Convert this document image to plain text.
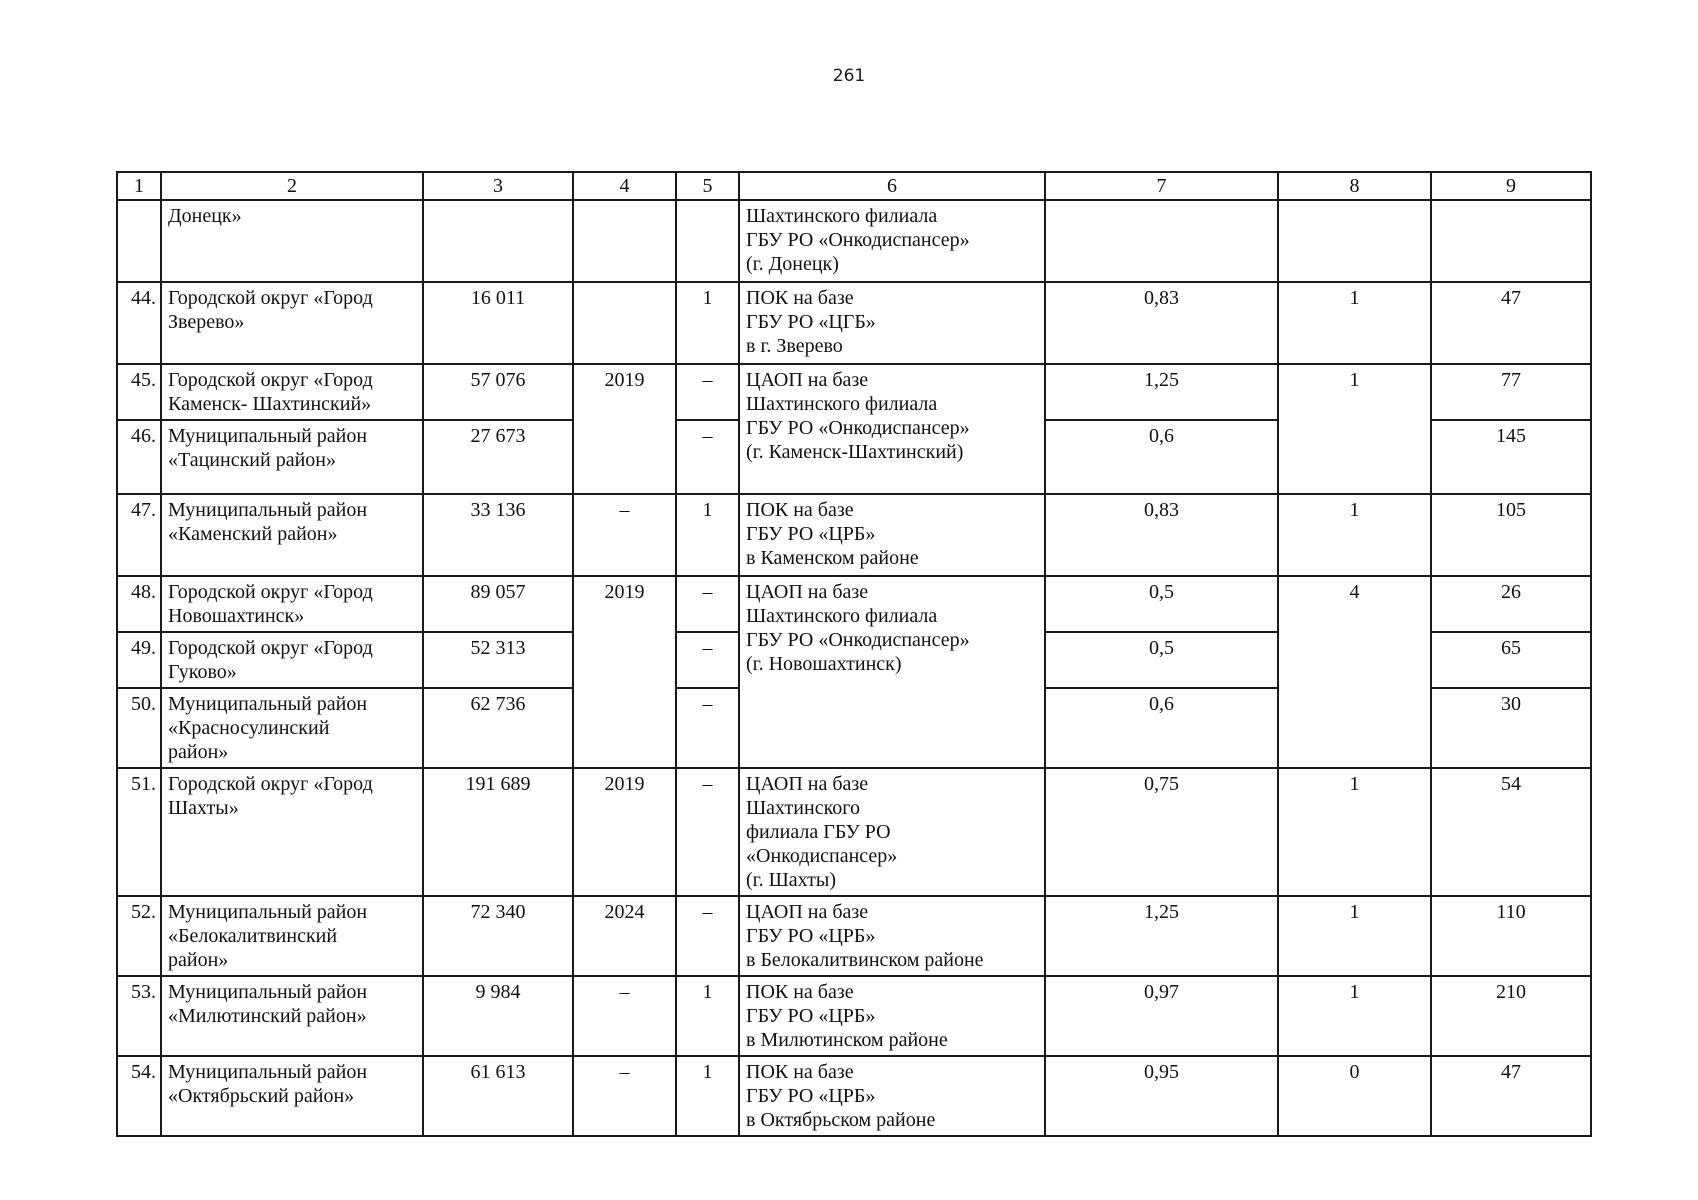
261
1	2	3	4	5	6	7	8	9
	Донецк»				Шахтинского филиала
ГБУ РО «Онкодиспансер»
(г. Донецк)			
44.	Городской округ «Город
Зверево»	16 011		1	ПОК на базе
ГБУ РО «ЦГБ»
в г. Зверево	0,83	1	47
45.	Городской округ «Город
Каменск- Шахтинский»	57 076	2019	–	ЦАОП на базе
Шахтинского филиала
ГБУ РО «Онкодиспансер»
(г. Каменск-Шахтинский)	1,25	1	77
46.	Муниципальный район
«Тацинский район»	27 673		–		0,6		145
47.	Муниципальный район
«Каменский район»	33 136	–	1	ПОК на базе
ГБУ РО «ЦРБ»
в Каменском районе	0,83	1	105
48.	Городской округ «Город
Новошахтинск»	89 057	2019	–	ЦАОП на базе
Шахтинского филиала
ГБУ РО «Онкодиспансер»
(г. Новошахтинск)	0,5	4	26
49.	Городской округ «Город
Гуково»	52 313		–		0,5		65
50.	Муниципальный район
«Красносулинский
район»	62 736		–		0,6		30
51.	Городской округ «Город
Шахты»	191 689	2019	–	ЦАОП на базе
Шахтинского
филиала ГБУ РО
«Онкодиспансер»
(г. Шахты)	0,75	1	54
52.	Муниципальный район
«Белокалитвинский
район»	72 340	2024	–	ЦАОП на базе
ГБУ РО «ЦРБ»
в Белокалитвинском районе	1,25	1	110
53.	Муниципальный район
«Милютинский район»	9 984	–	1	ПОК на базе
ГБУ РО «ЦРБ»
в Милютинском районе	0,97	1	210
54.	Муниципальный район
«Октябрьский район»	61 613	–	1	ПОК на базе
ГБУ РО «ЦРБ»
в Октябрьском районе	0,95	0	47
